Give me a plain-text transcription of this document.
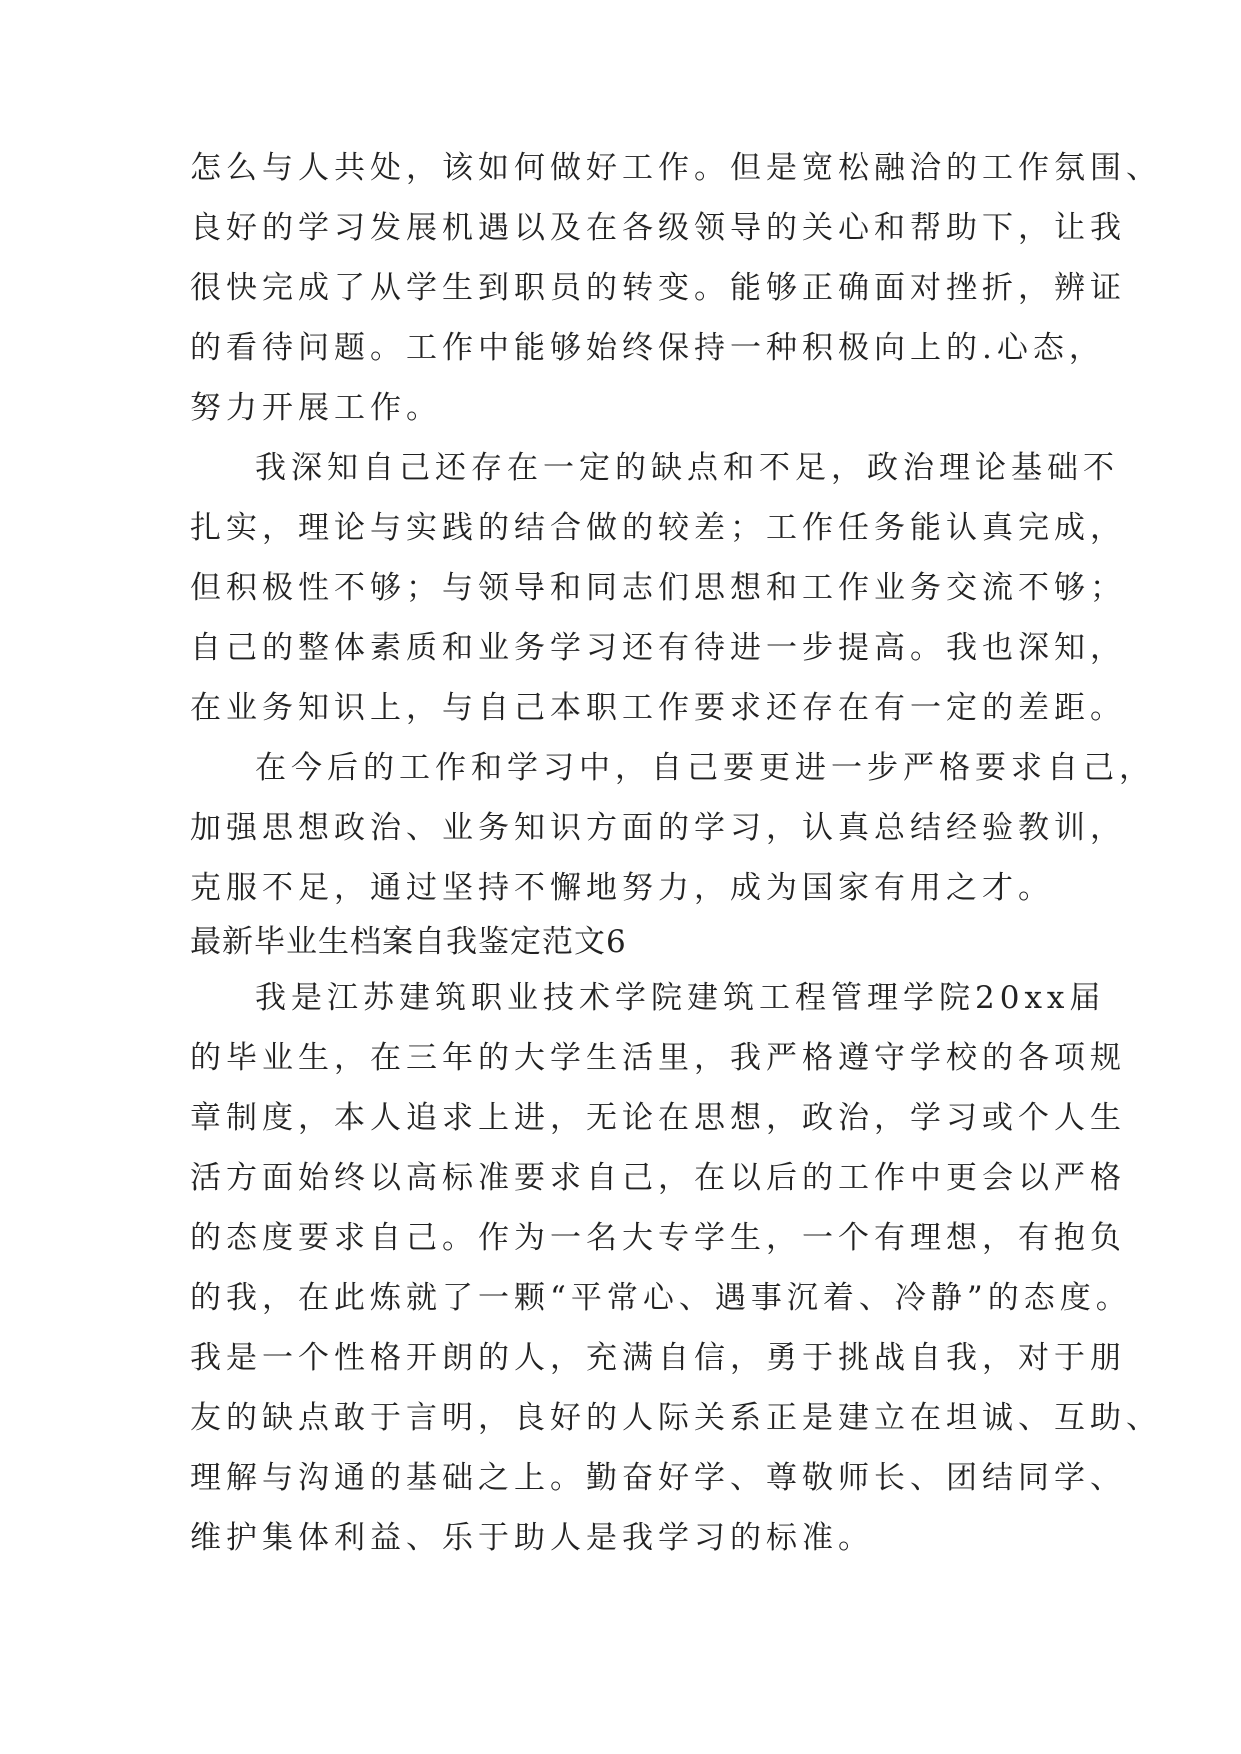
怎么与人共处，该如何做好工作。但是宽松融洽的工作氛围、
良好的学习发展机遇以及在各级领导的关心和帮助下，让我
很快完成了从学生到职员的转变。能够正确面对挫折，辨证
的看待问题。工作中能够始终保持一种积极向上的.心态，
努力开展工作。
我深知自己还存在一定的缺点和不足，政治理论基础不
扎实，理论与实践的结合做的较差；工作任务能认真完成，
但积极性不够；与领导和同志们思想和工作业务交流不够；
自己的整体素质和业务学习还有待进一步提高。我也深知，
在业务知识上，与自己本职工作要求还存在有一定的差距。
在今后的工作和学习中，自己要更进一步严格要求自己，
加强思想政治、业务知识方面的学习，认真总结经验教训，
克服不足，通过坚持不懈地努力，成为国家有用之才。
最新毕业生档案自我鉴定范文6
我是江苏建筑职业技术学院建筑工程管理学院20xx届
的毕业生，在三年的大学生活里，我严格遵守学校的各项规
章制度，本人追求上进，无论在思想，政治，学习或个人生
活方面始终以高标准要求自己，在以后的工作中更会以严格
的态度要求自己。作为一名大专学生，一个有理想，有抱负
的我，在此炼就了一颗“平常心、遇事沉着、冷静”的态度。
我是一个性格开朗的人，充满自信，勇于挑战自我，对于朋
友的缺点敢于言明，良好的人际关系正是建立在坦诚、互助、
理解与沟通的基础之上。勤奋好学、尊敬师长、团结同学、
维护集体利益、乐于助人是我学习的标准。
